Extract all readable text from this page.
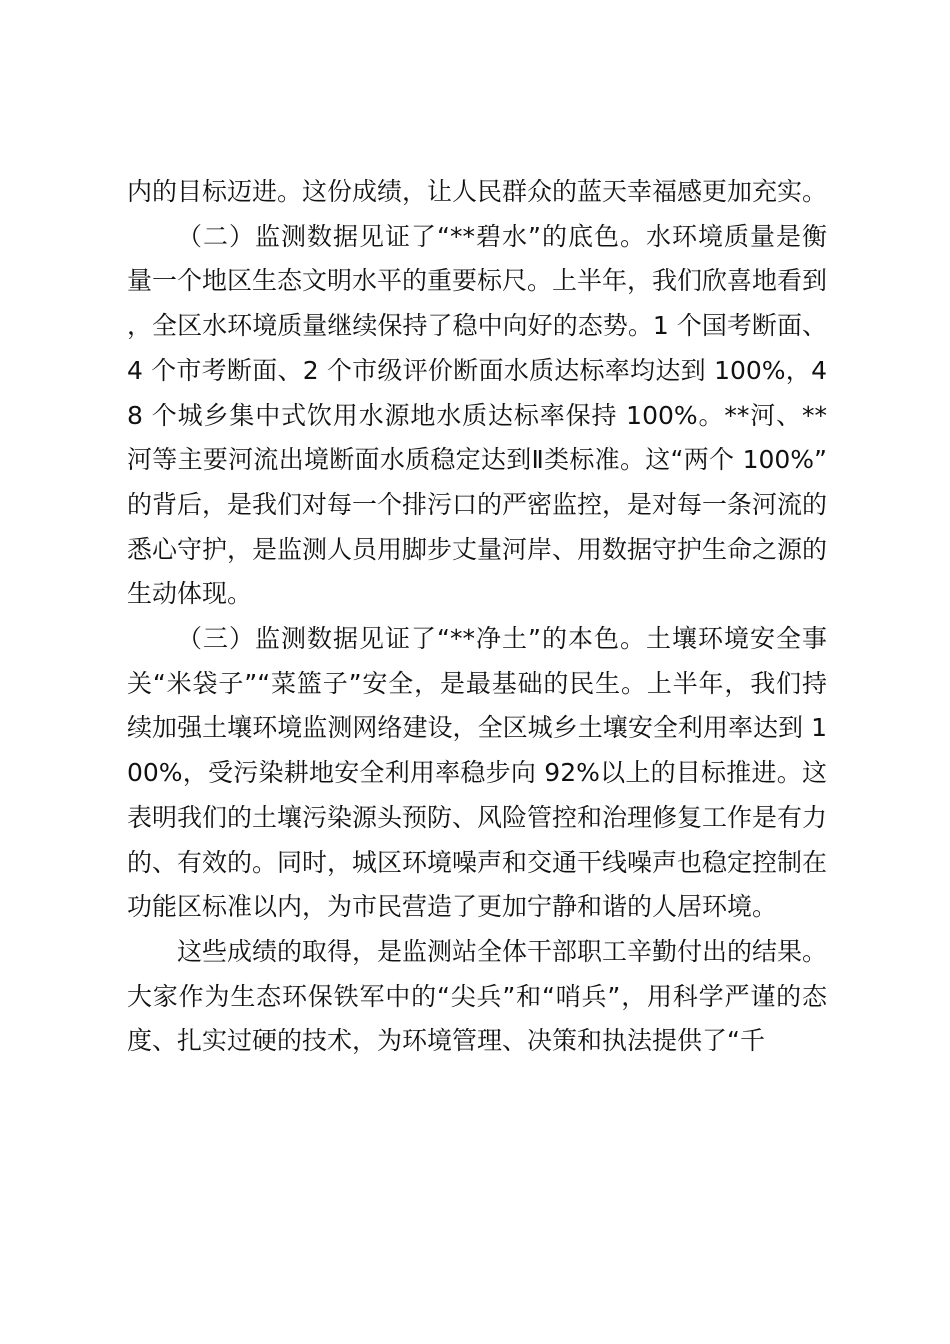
内的目标迈进。这份成绩，让人民群众的蓝天幸福感更加充实。

（二）监测数据见证了“**碧水”的底色。水环境质量是衡量一个地区生态文明水平的重要标尺。上半年，我们欣喜地看到，全区水环境质量继续保持了稳中向好的态势。1 个国考断面、4 个市考断面、2 个市级评价断面水质达标率均达到 100%，48 个城乡集中式饮用水源地水质达标率保持 100%。**河、**河等主要河流出境断面水质稳定达到Ⅱ类标准。这“两个 100%”的背后，是我们对每一个排污口的严密监控，是对每一条河流的悉心守护，是监测人员用脚步丈量河岸、用数据守护生命之源的生动体现。

（三）监测数据见证了“**净土”的本色。土壤环境安全事关“米袋子”“菜篮子”安全，是最基础的民生。上半年，我们持续加强土壤环境监测网络建设，全区城乡土壤安全利用率达到 100%，受污染耕地安全利用率稳步向 92%以上的目标推进。这表明我们的土壤污染源头预防、风险管控和治理修复工作是有力的、有效的。同时，城区环境噪声和交通干线噪声也稳定控制在功能区标准以内，为市民营造了更加宁静和谐的人居环境。

这些成绩的取得，是监测站全体干部职工辛勤付出的结果。大家作为生态环保铁军中的“尖兵”和“哨兵”，用科学严谨的态度、扎实过硬的技术，为环境管理、决策和执法提供了“千
